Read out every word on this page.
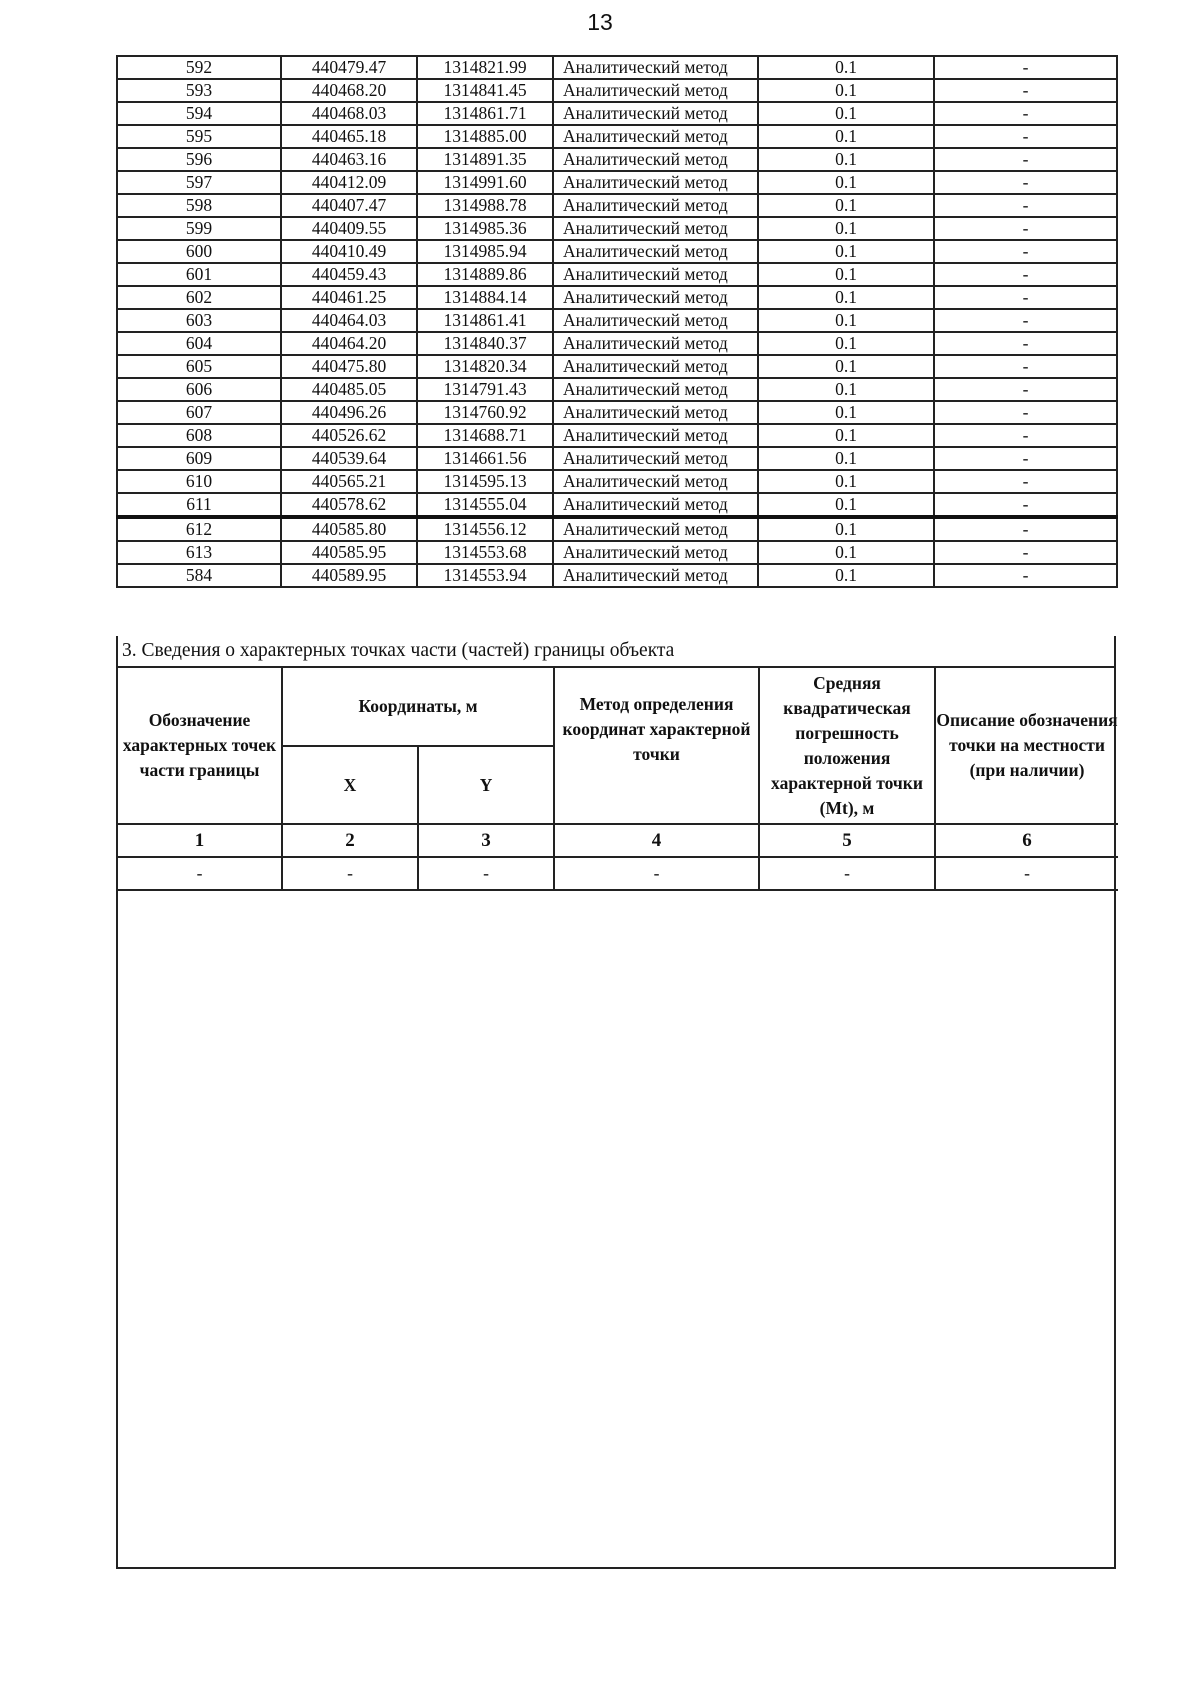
13
592	440479.47	1314821.99	Аналитический метод	0.1	-
593	440468.20	1314841.45	Аналитический метод	0.1	-
594	440468.03	1314861.71	Аналитический метод	0.1	-
595	440465.18	1314885.00	Аналитический метод	0.1	-
596	440463.16	1314891.35	Аналитический метод	0.1	-
597	440412.09	1314991.60	Аналитический метод	0.1	-
598	440407.47	1314988.78	Аналитический метод	0.1	-
599	440409.55	1314985.36	Аналитический метод	0.1	-
600	440410.49	1314985.94	Аналитический метод	0.1	-
601	440459.43	1314889.86	Аналитический метод	0.1	-
602	440461.25	1314884.14	Аналитический метод	0.1	-
603	440464.03	1314861.41	Аналитический метод	0.1	-
604	440464.20	1314840.37	Аналитический метод	0.1	-
605	440475.80	1314820.34	Аналитический метод	0.1	-
606	440485.05	1314791.43	Аналитический метод	0.1	-
607	440496.26	1314760.92	Аналитический метод	0.1	-
608	440526.62	1314688.71	Аналитический метод	0.1	-
609	440539.64	1314661.56	Аналитический метод	0.1	-
610	440565.21	1314595.13	Аналитический метод	0.1	-
611	440578.62	1314555.04	Аналитический метод	0.1	-
612	440585.80	1314556.12	Аналитический метод	0.1	-
613	440585.95	1314553.68	Аналитический метод	0.1	-
584	440589.95	1314553.94	Аналитический метод	0.1	-
3. Сведения о характерных точках части (частей) границы объекта
Обозначение характерных точек части границы	Координаты, м		Метод определения координат характерной точки	Средняя квадратическая погрешность положения характерной точки (Mt), м	Описание обозначения точки на местности (при наличии)
	X	Y			
1	2	3	4	5	6
-	-	-	-	-	-
